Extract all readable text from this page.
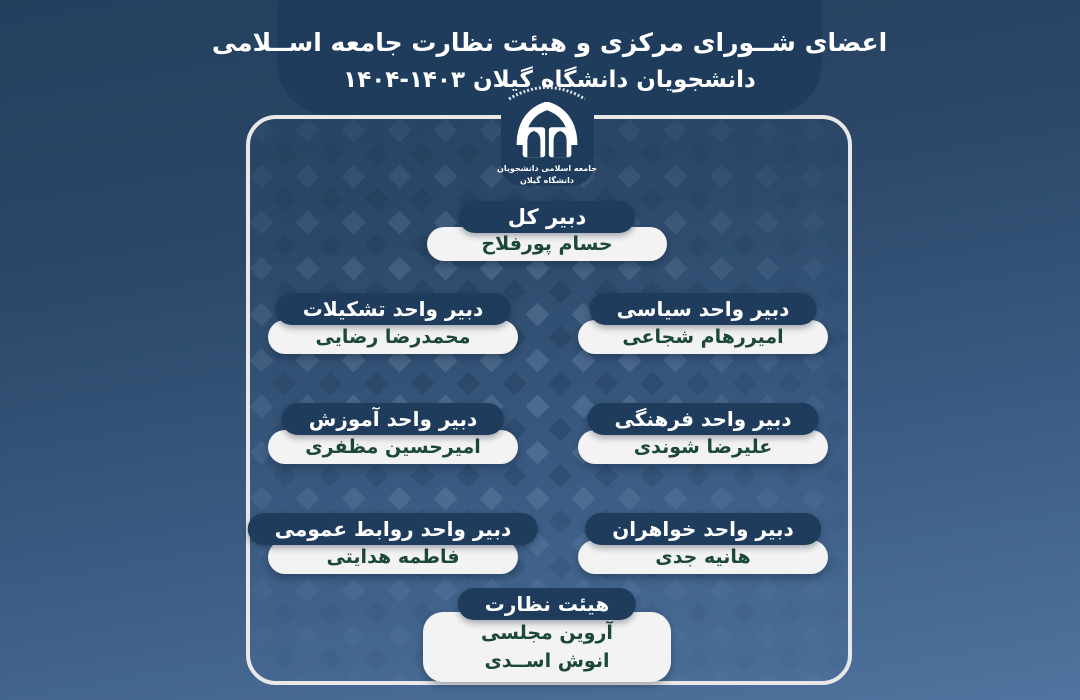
اعضای شــورای مرکزی و هیئت نظارت جامعه اســلامی
دانشجویان دانشگاه گیلان ۱۴۰۳-۱۴۰۴
جامعه اسلامی دانشجویان
دانشگاه گیلان
دبیر کل
حسام پورفلاح
دبیر واحد سیاسی
امیررهام شجاعی
دبیر واحد فرهنگی
علیرضا شوندی
دبیر واحد خواهران
هانیه جدی
دبیر واحد تشکیلات
محمدرضا رضایی
دبیر واحد آموزش
امیرحسین مظفری
دبیر واحد روابط عمومی
فاطمه هدایتی
هیئت نظارت
آروین مجلسی
انوش اســدی
